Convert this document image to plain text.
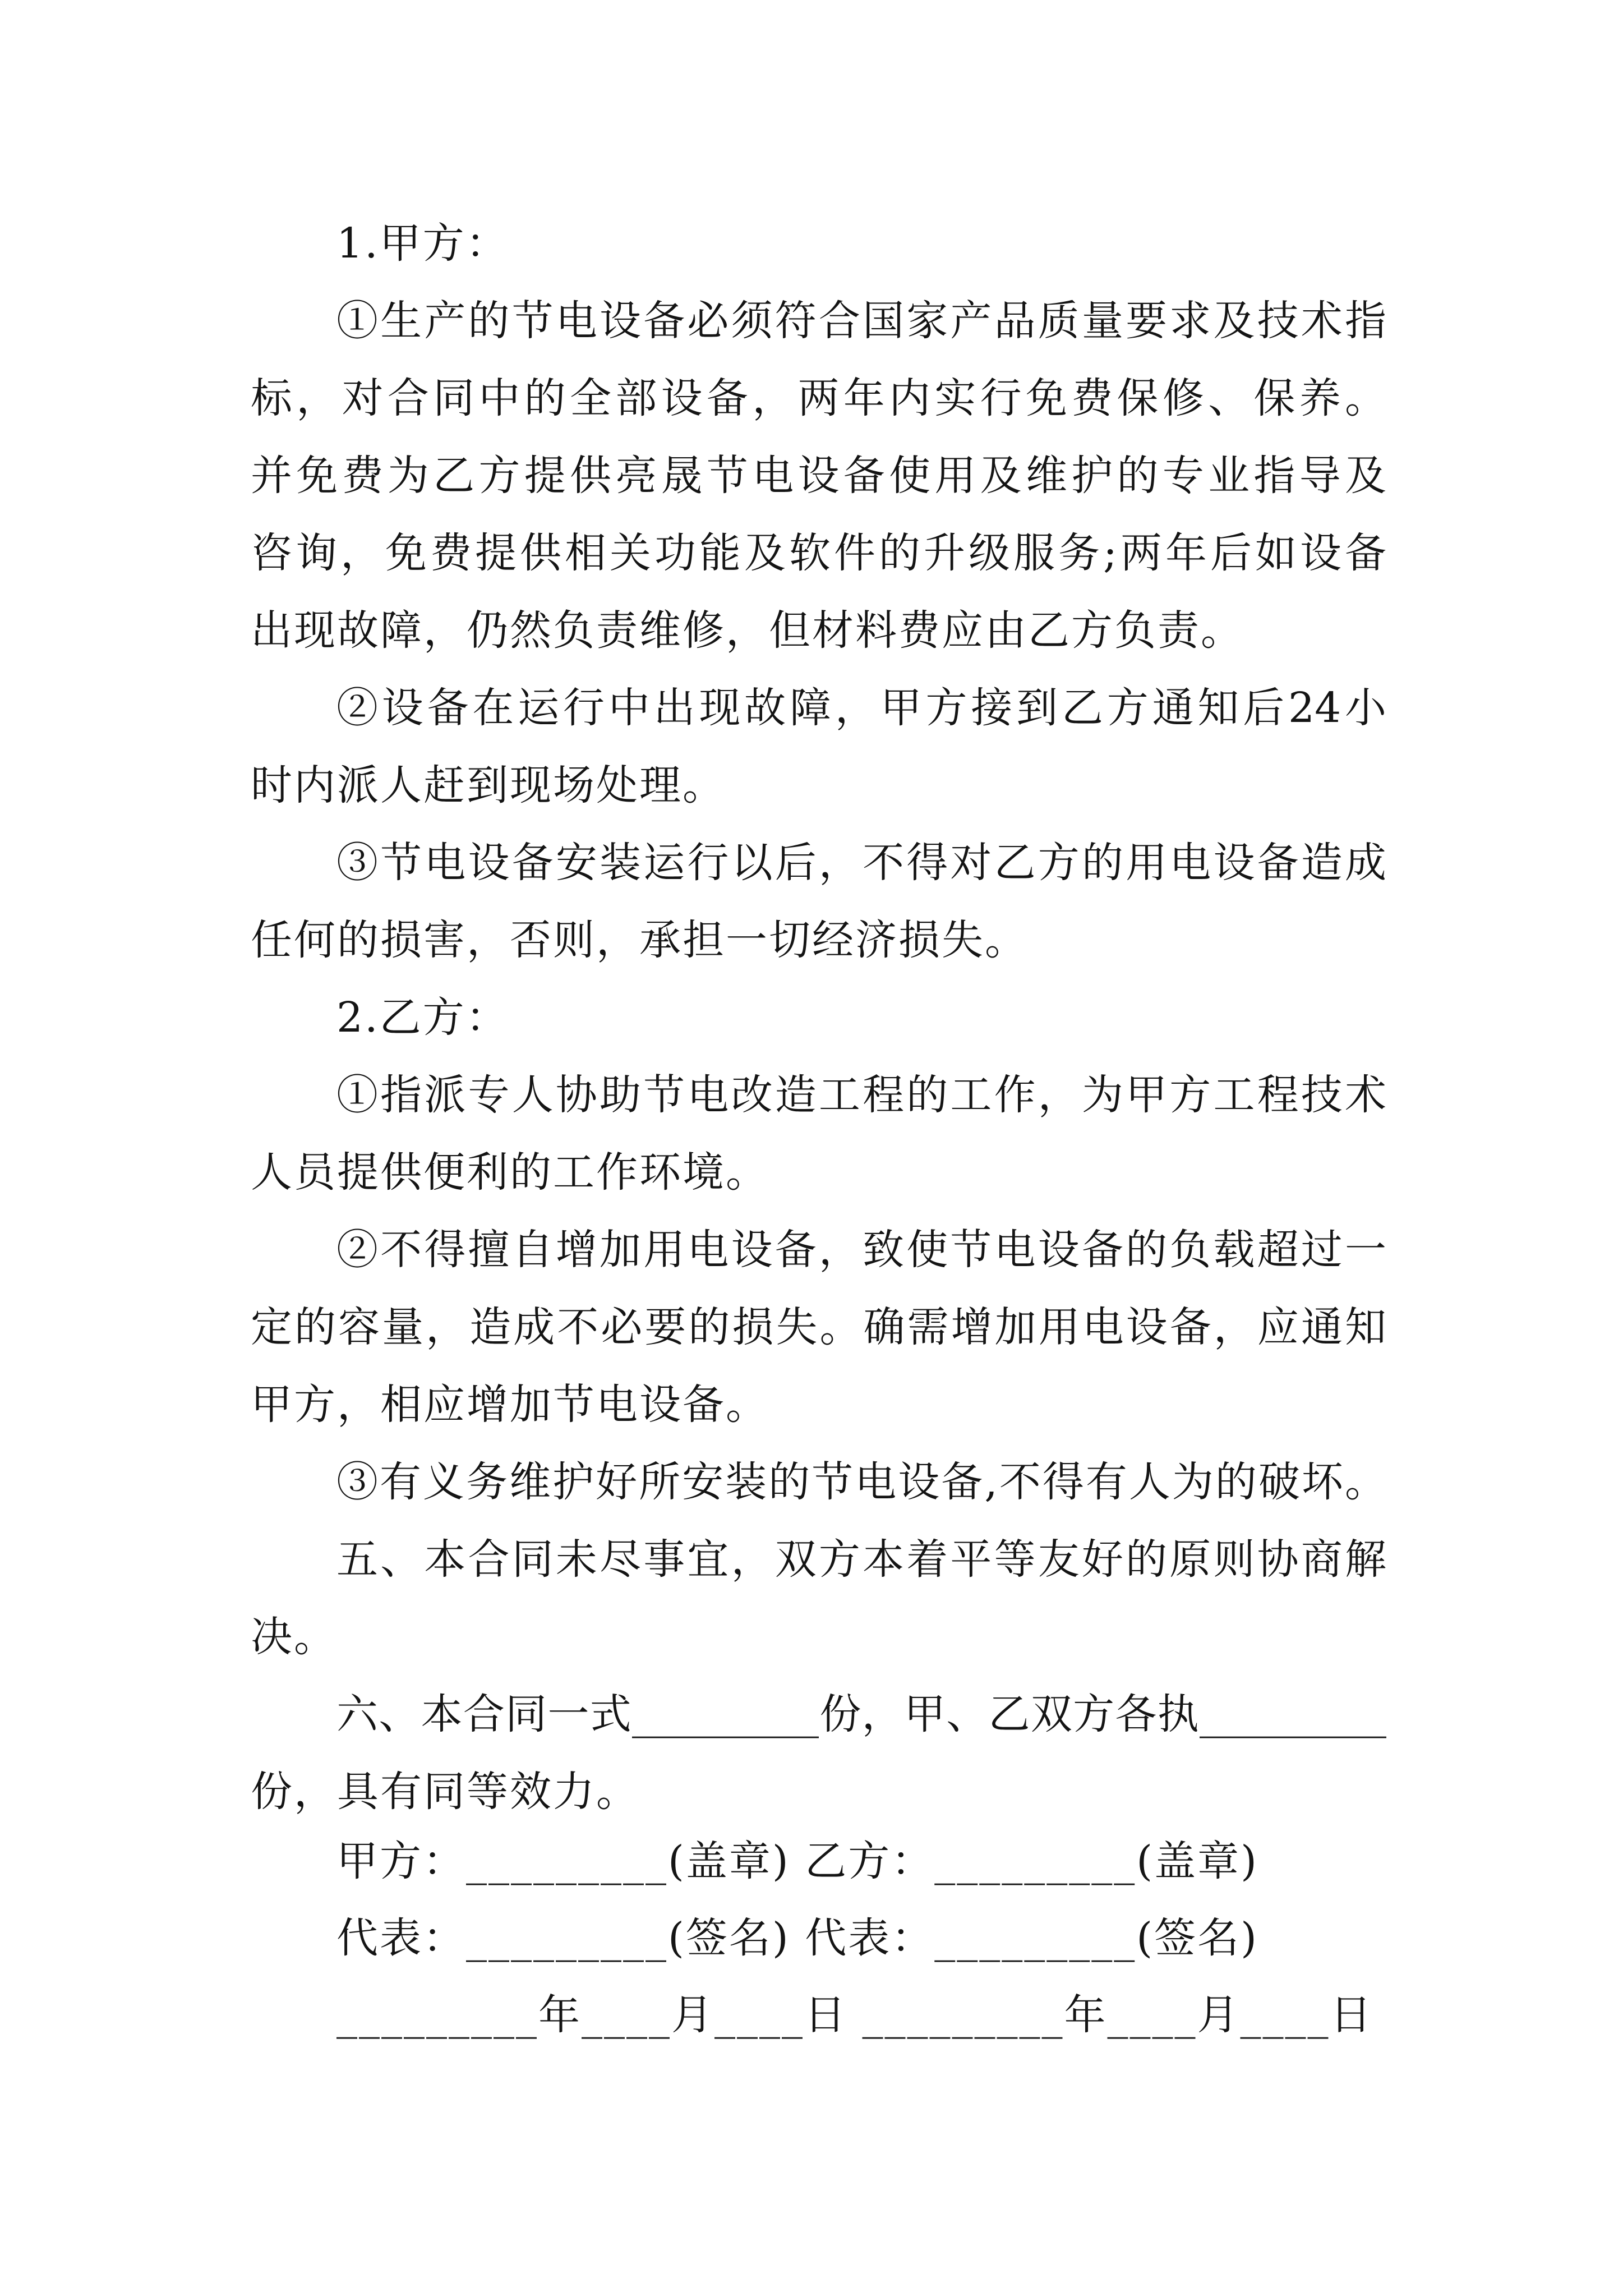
1.甲方：
①生产的节电设备必须符合国家产品质量要求及技术指
标，对合同中的全部设备，两年内实行免费保修、保养。
并免费为乙方提供亮晟节电设备使用及维护的专业指导及
咨询，免费提供相关功能及软件的升级服务;两年后如设备
出现故障，仍然负责维修，但材料费应由乙方负责。
②设备在运行中出现故障，甲方接到乙方通知后24小
时内派人赶到现场处理。
③节电设备安装运行以后，不得对乙方的用电设备造成
任何的损害，否则，承担一切经济损失。
2.乙方：
①指派专人协助节电改造工程的工作，为甲方工程技术
人员提供便利的工作环境。
②不得擅自增加用电设备，致使节电设备的负载超过一
定的容量，造成不必要的损失。确需增加用电设备，应通知
甲方，相应增加节电设备。
③有义务维护好所安装的节电设备,不得有人为的破坏。
五、本合同未尽事宜，双方本着平等友好的原则协商解
决。
六、本合同一式_________份，甲、乙双方各执_________
份，具有同等效力。
甲方：_________(盖章) 乙方：_________(盖章)
代表：_________(签名) 代表：_________(签名)
_________年____月____日 _________年____月____日
